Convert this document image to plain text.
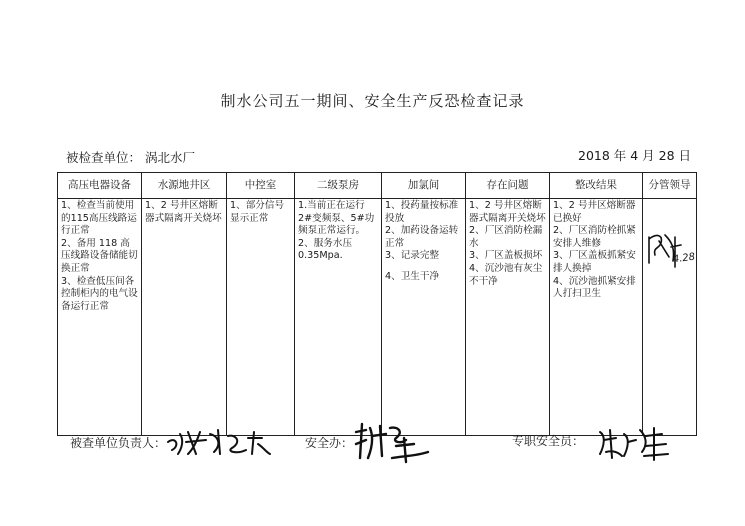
制水公司五一期间、安全生产反恐检查记录
被检查单位： 涡北水厂	2018 年 4 月 28 日
高压电器设备	水源地井区	中控室	二级泵房	加氯间	存在问题	整改结果	分管领导

1、检查当前使用的115高压线路运行正常
2、备用 118 高压线路设备储能切换正常
3、检查低压间各控制柜内的电气设备运行正常	1、2 号井区熔断器式隔离开关烧坏	1、部分信号显示正常	1.当前正在运行2#变频泵、5#功频泵正常运行。
2、服务水压0.35Mpa.	1、投药量按标准投放
2、加药设备运转正常
3、记录完整
4、卫生干净	1、2 号井区熔断器式隔离开关烧坏
2、厂区消防栓漏水
3、厂区盖板损坏
4、沉沙池有灰尘不干净	1、2 号井区熔断器已换好
2、厂区消防栓抓紧安排人维修
3、厂区盖板抓紧安排人换掉
4、沉沙池抓紧安排人打扫卫生	4.28
被查单位负责人：	安全办：	专职安全员：
